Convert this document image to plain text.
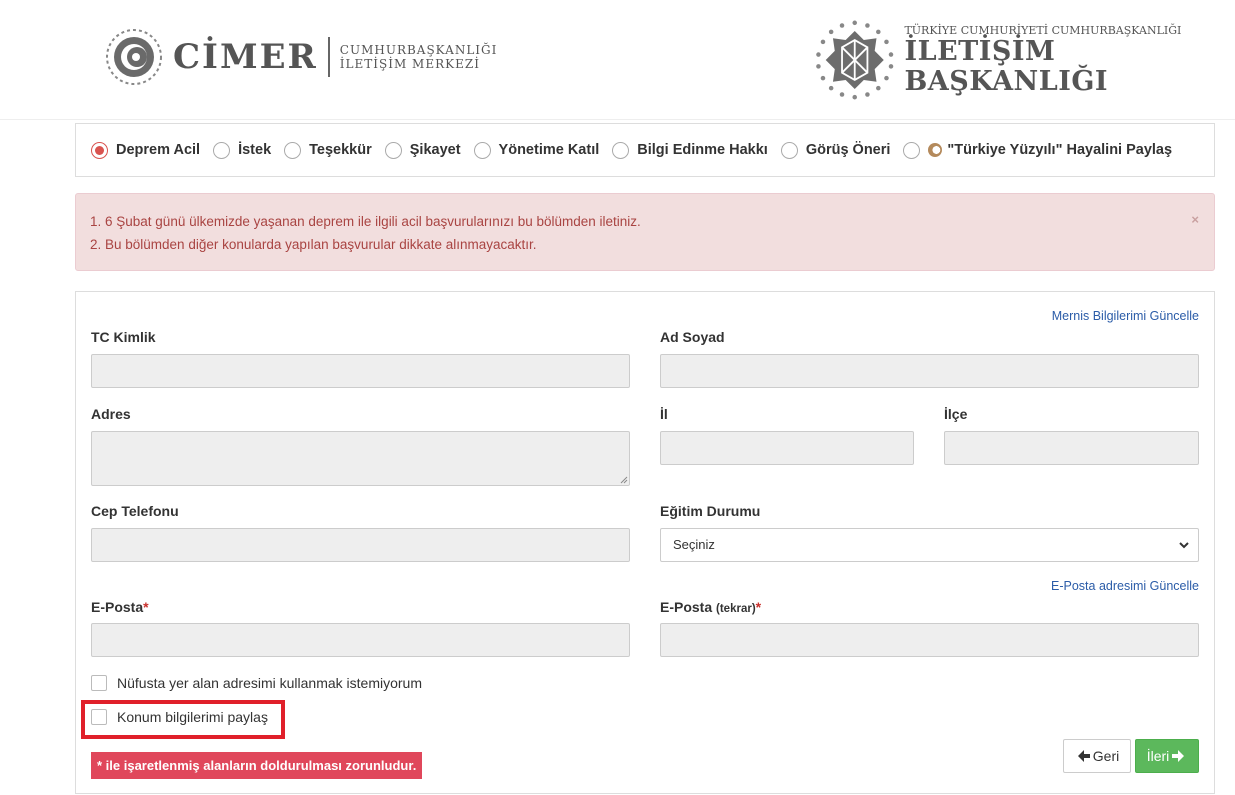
CİMER CUMHURBAŞKANLIĞI
İLETİŞİM MERKEZİ
TÜRKİYE CUMHURİYETİ CUMHURBAŞKANLIĞI
İLETİŞİM BAŞKANLIĞI
Deprem Acil	İstek	Teşekkür	Şikayet	Yönetime Katıl	Bilgi Edinme Hakkı	Görüş Öneri	"Türkiye Yüzyılı" Hayalini Paylaş
1. 6 Şubat günü ülkemizde yaşanan deprem ile ilgili acil başvurularınızı bu bölümden iletiniz.
2. Bu bölümden diğer konularda yapılan başvurular dikkate alınmayacaktır.
×
Mernis Bilgilerimi Güncelle
TC Kimlik	Ad Soyad
Adres	İl	İlçe
Cep Telefonu	Eğitim Durumu
Seçiniz
E-Posta adresimi Güncelle
E-Posta*	E-Posta (tekrar)*
Nüfusta yer alan adresimi kullanmak istemiyorum
Konum bilgilerimi paylaş
* ile işaretlenmiş alanların doldurulması zorunludur.
Geri İleri
